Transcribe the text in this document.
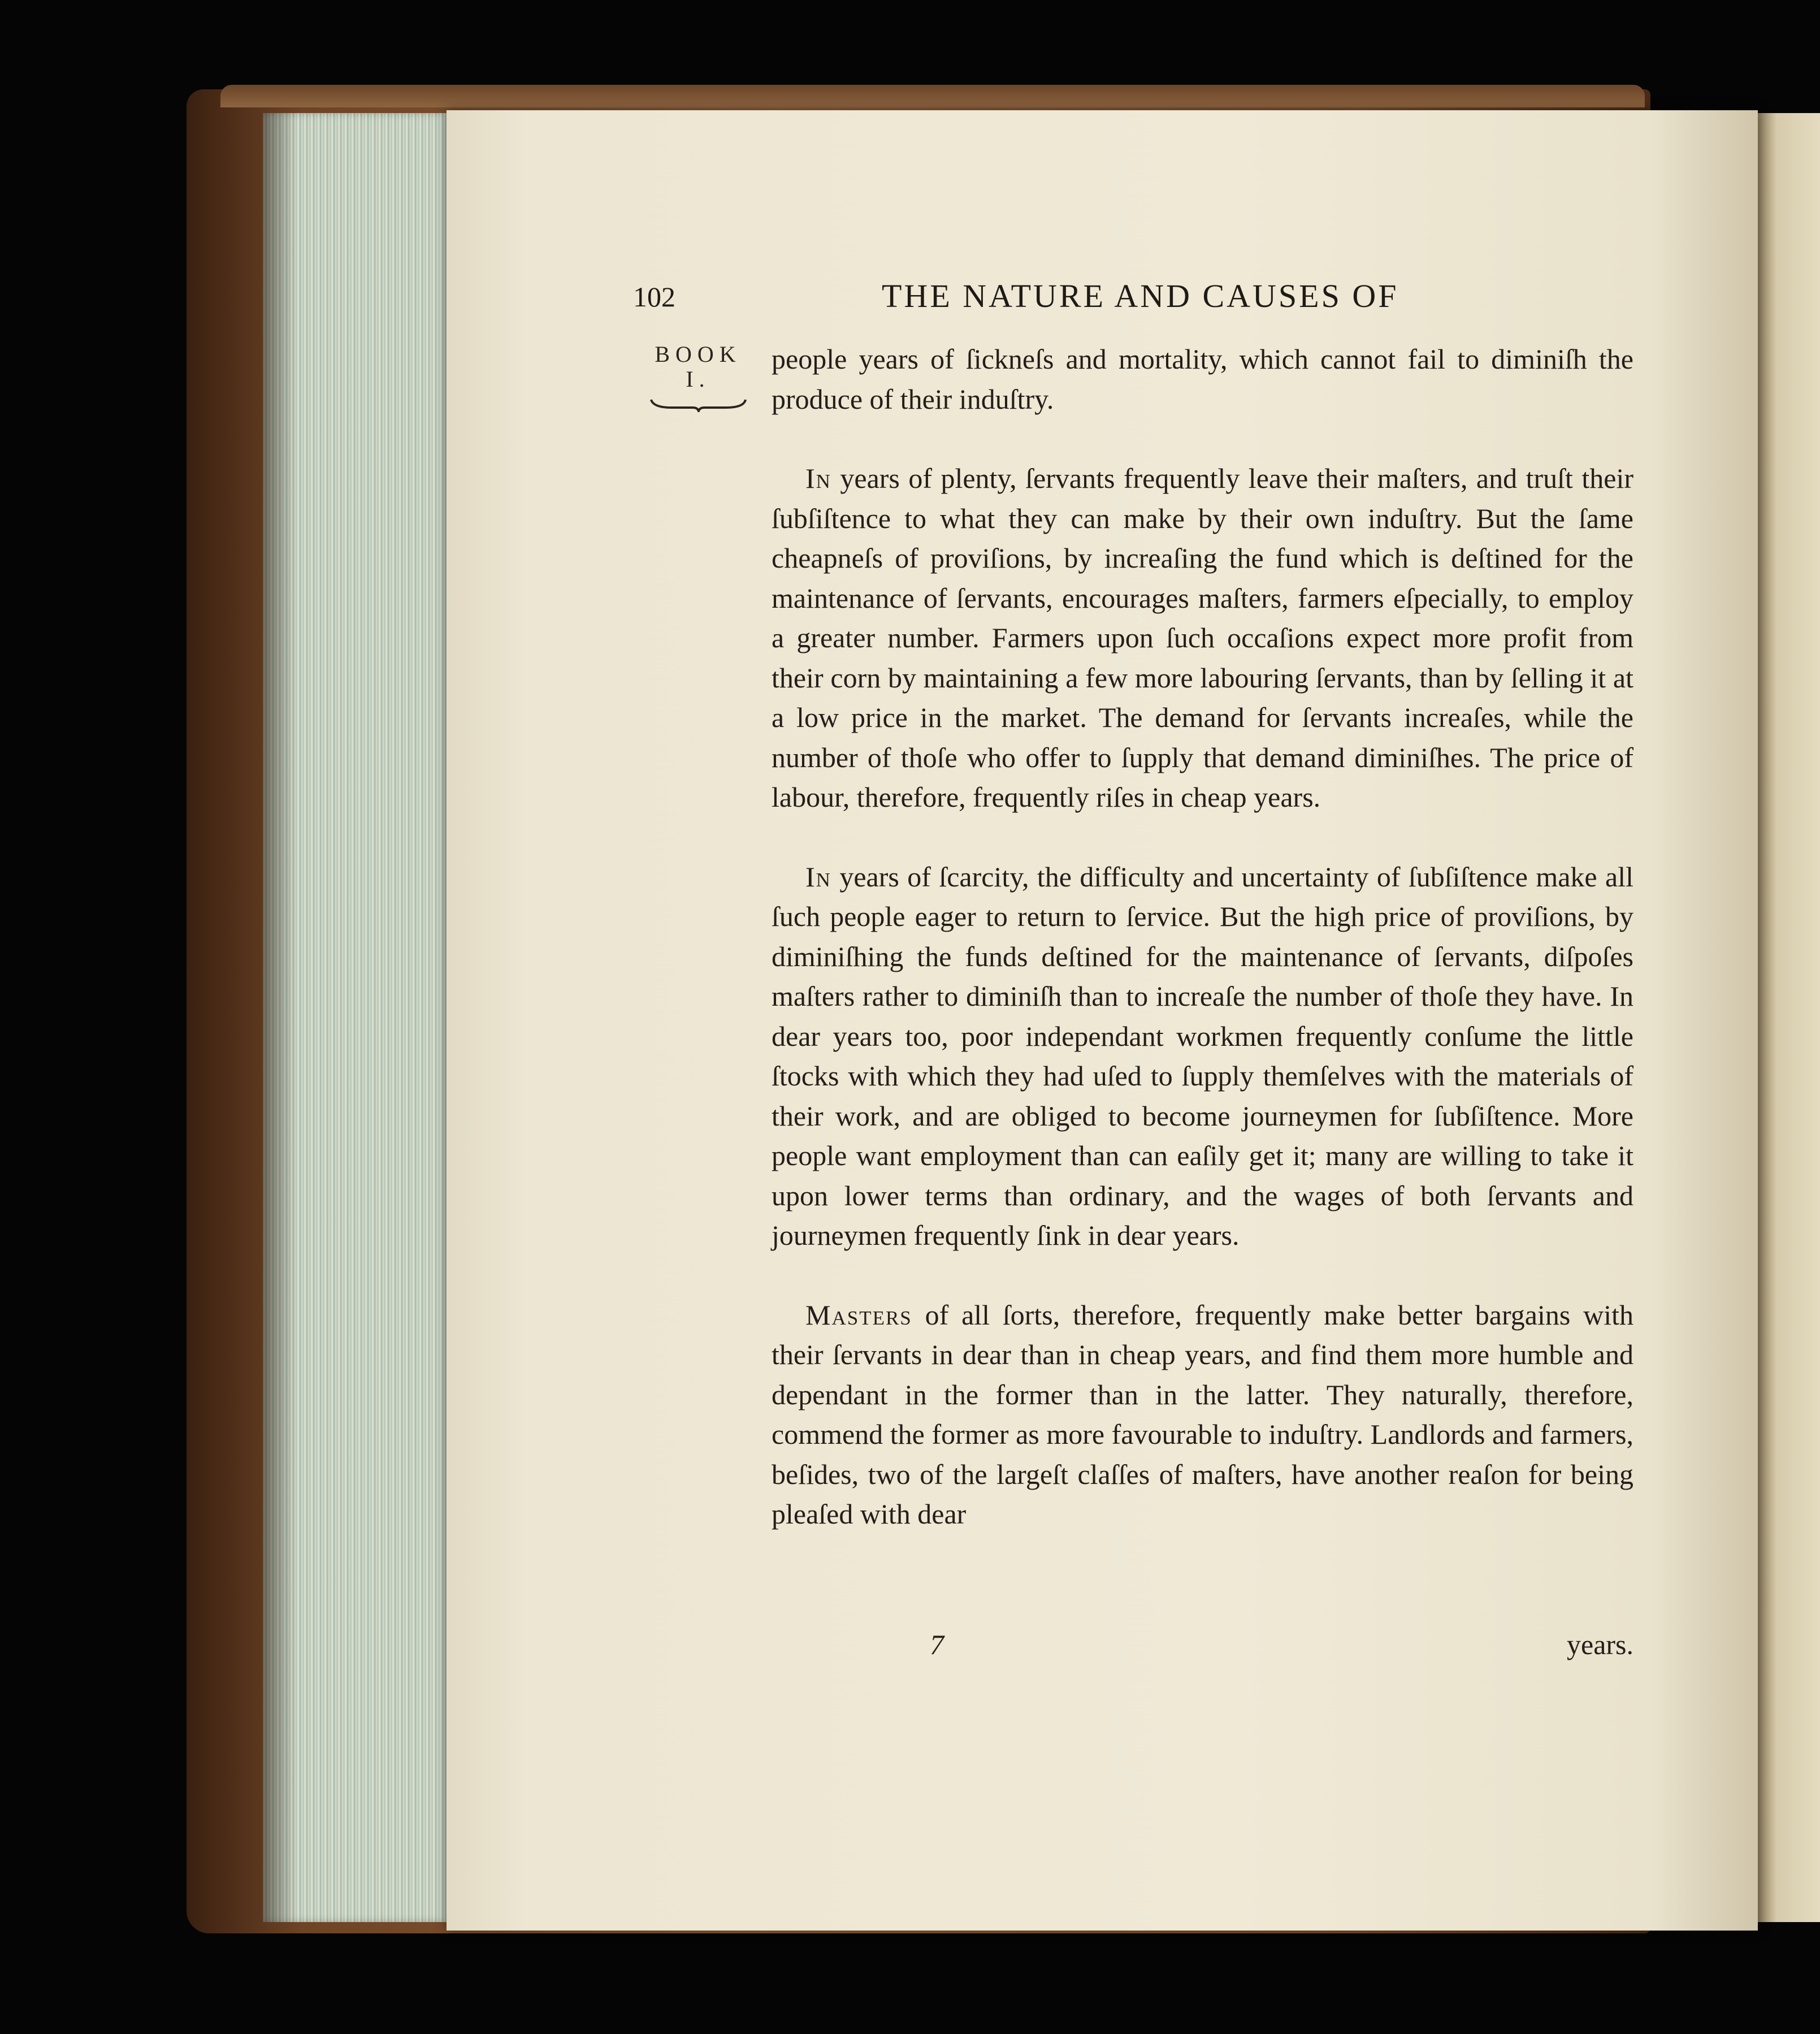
102	THE NATURE AND CAUSES OF
BOOK
I.

people years of ſickneſs and mortality, which cannot fail to diminiſh the produce of their induſtry.

In years of plenty, ſervants frequently leave their maſters, and truſt their ſubſiſtence to what they can make by their own induſtry. But the ſame cheapneſs of proviſions, by increaſing the fund which is deſtined for the maintenance of ſervants, encourages maſters, farmers eſpecially, to employ a greater number. Farmers upon ſuch occaſions expect more profit from their corn by maintaining a few more labouring ſervants, than by ſelling it at a low price in the market. The demand for ſervants increaſes, while the number of thoſe who offer to ſupply that demand diminiſhes. The price of labour, therefore, frequently riſes in cheap years.

In years of ſcarcity, the difficulty and uncertainty of ſubſiſtence make all ſuch people eager to return to ſervice. But the high price of proviſions, by diminiſhing the funds deſtined for the maintenance of ſervants, diſpoſes maſters rather to diminiſh than to increaſe the number of thoſe they have. In dear years too, poor independant workmen frequently conſume the little ſtocks with which they had uſed to ſupply themſelves with the materials of their work, and are obliged to become journeymen for ſubſiſtence. More people want employment than can eaſily get it; many are willing to take it upon lower terms than ordinary, and the wages of both ſervants and journeymen frequently ſink in dear years.

Masters of all ſorts, therefore, frequently make better bargains with their ſervants in dear than in cheap years, and find them more humble and dependant in the former than in the latter. They naturally, therefore, commend the former as more favourable to induſtry. Landlords and farmers, beſides, two of the largeſt claſſes of maſters, have another reaſon for being pleaſed with dear

7	years.
